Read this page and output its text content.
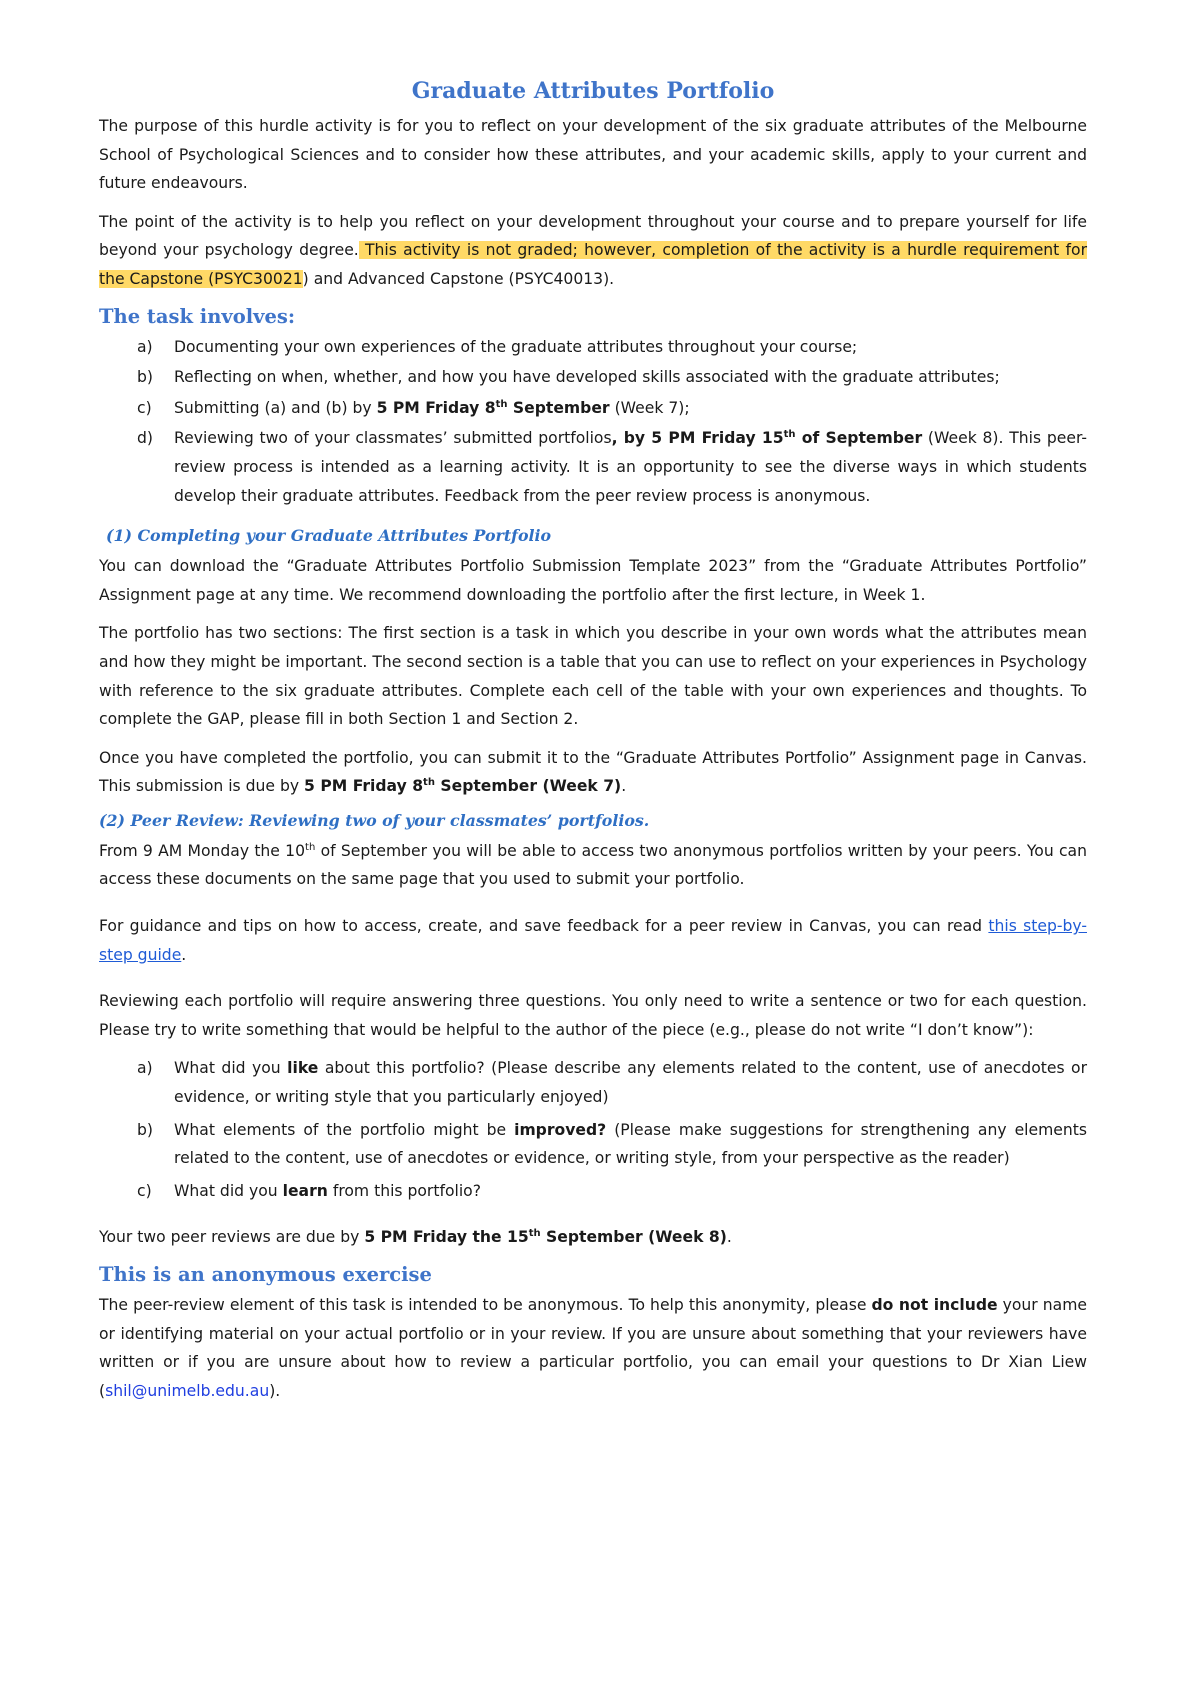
Graduate Attributes Portfolio

The purpose of this hurdle activity is for you to reflect on your development of the six graduate attributes of the Melbourne School of Psychological Sciences and to consider how these attributes, and your academic skills, apply to your current and future endeavours.

The point of the activity is to help you reflect on your development throughout your course and to prepare yourself for life beyond your psychology degree. This activity is not graded; however, completion of the activity is a hurdle requirement for the Capstone (PSYC30021) and Advanced Capstone (PSYC40013).

The task involves:
a) Documenting your own experiences of the graduate attributes throughout your course;
b) Reflecting on when, whether, and how you have developed skills associated with the graduate attributes;
c) Submitting (a) and (b) by 5 PM Friday 8th September (Week 7);
d) Reviewing two of your classmates’ submitted portfolios, by 5 PM Friday 15th of September (Week 8). This peer-review process is intended as a learning activity. It is an opportunity to see the diverse ways in which students develop their graduate attributes. Feedback from the peer review process is anonymous.
(1) Completing your Graduate Attributes Portfolio

You can download the “Graduate Attributes Portfolio Submission Template 2023” from the “Graduate Attributes Portfolio” Assignment page at any time. We recommend downloading the portfolio after the first lecture, in Week 1.

The portfolio has two sections: The first section is a task in which you describe in your own words what the attributes mean and how they might be important. The second section is a table that you can use to reflect on your experiences in Psychology with reference to the six graduate attributes. Complete each cell of the table with your own experiences and thoughts. To complete the GAP, please fill in both Section 1 and Section 2.

Once you have completed the portfolio, you can submit it to the “Graduate Attributes Portfolio” Assignment page in Canvas. This submission is due by 5 PM Friday 8th September (Week 7).

(2) Peer Review: Reviewing two of your classmates’ portfolios.

From 9 AM Monday the 10th of September you will be able to access two anonymous portfolios written by your peers. You can access these documents on the same page that you used to submit your portfolio.

For guidance and tips on how to access, create, and save feedback for a peer review in Canvas, you can read this step-by-step guide.

Reviewing each portfolio will require answering three questions. You only need to write a sentence or two for each question. Please try to write something that would be helpful to the author of the piece (e.g., please do not write “I don’t know”):

a) What did you like about this portfolio? (Please describe any elements related to the content, use of anecdotes or evidence, or writing style that you particularly enjoyed)
b) What elements of the portfolio might be improved? (Please make suggestions for strengthening any elements related to the content, use of anecdotes or evidence, or writing style, from your perspective as the reader)
c) What did you learn from this portfolio?

Your two peer reviews are due by 5 PM Friday the 15th September (Week 8).

This is an anonymous exercise

The peer-review element of this task is intended to be anonymous. To help this anonymity, please do not include your name or identifying material on your actual portfolio or in your review. If you are unsure about something that your reviewers have written or if you are unsure about how to review a particular portfolio, you can email your questions to Dr Xian Liew (shil@unimelb.edu.au).
